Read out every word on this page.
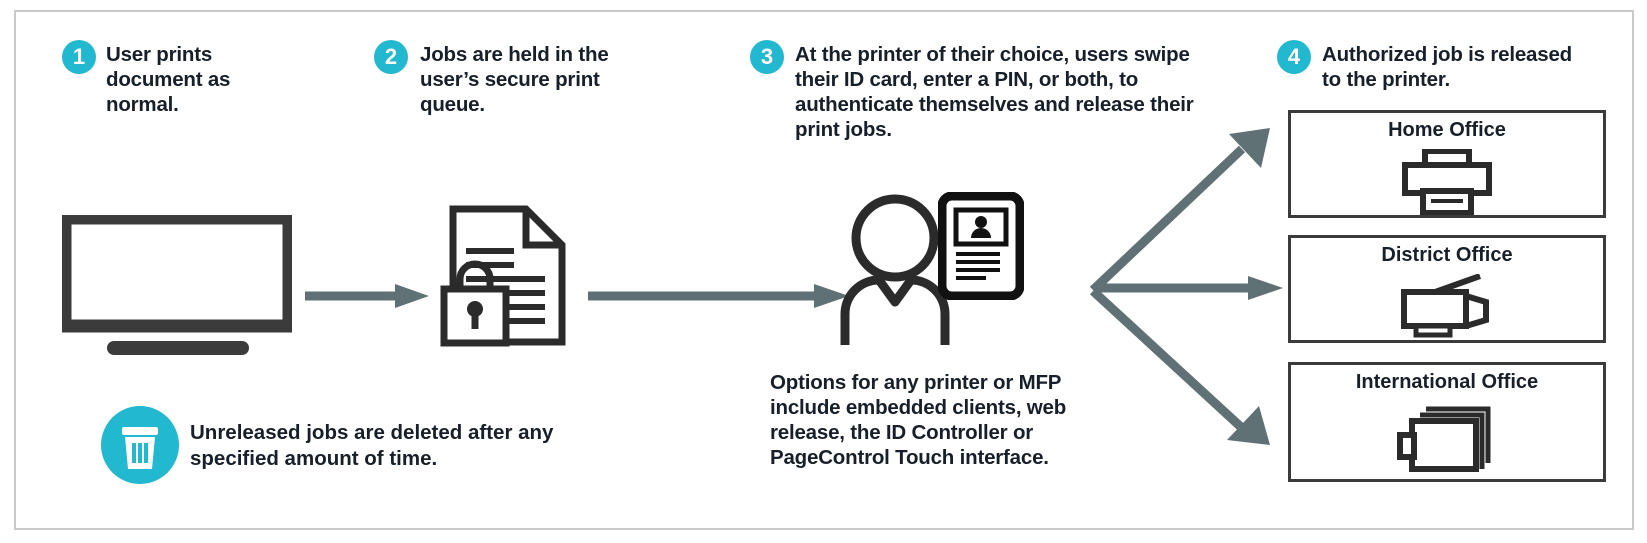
1	User prints document as normal.
2	Jobs are held in the user’s secure print queue.
3	At the printer of their choice, users swipe their ID card, enter a PIN, or both, to authenticate themselves and release their print jobs.
4	Authorized job is released to the printer.
Unreleased jobs are deleted after any specified amount of time.
Options for any printer or MFP include embedded clients, web release, the ID Controller or PageControl Touch interface.
Home Office
District Office
International Office
